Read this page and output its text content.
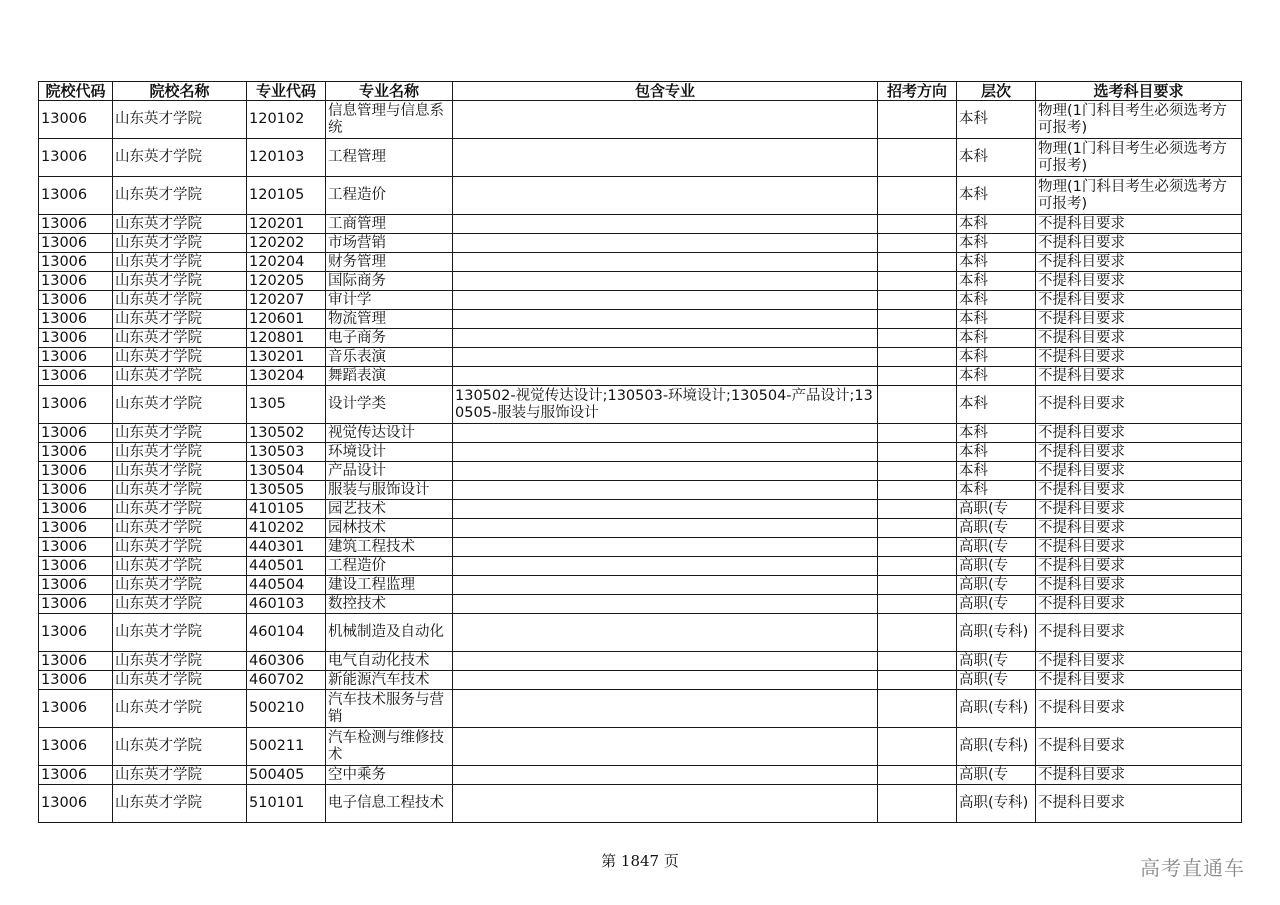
院校代码	院校名称	专业代码	专业名称	包含专业	招考方向	层次	选考科目要求
13006	山东英才学院	120102	信息管理与信息系统			本科	物理(1门科目考生必须选考方可报考)
13006	山东英才学院	120103	工程管理			本科	物理(1门科目考生必须选考方可报考)
13006	山东英才学院	120105	工程造价			本科	物理(1门科目考生必须选考方可报考)
13006	山东英才学院	120201	工商管理			本科	不提科目要求
13006	山东英才学院	120202	市场营销			本科	不提科目要求
13006	山东英才学院	120204	财务管理			本科	不提科目要求
13006	山东英才学院	120205	国际商务			本科	不提科目要求
13006	山东英才学院	120207	审计学			本科	不提科目要求
13006	山东英才学院	120601	物流管理			本科	不提科目要求
13006	山东英才学院	120801	电子商务			本科	不提科目要求
13006	山东英才学院	130201	音乐表演			本科	不提科目要求
13006	山东英才学院	130204	舞蹈表演			本科	不提科目要求
13006	山东英才学院	1305	设计学类	130502-视觉传达设计;130503-环境设计;130504-产品设计;130505-服装与服饰设计		本科	不提科目要求
13006	山东英才学院	130502	视觉传达设计			本科	不提科目要求
13006	山东英才学院	130503	环境设计			本科	不提科目要求
13006	山东英才学院	130504	产品设计			本科	不提科目要求
13006	山东英才学院	130505	服装与服饰设计			本科	不提科目要求
13006	山东英才学院	410105	园艺技术			高职(专	不提科目要求
13006	山东英才学院	410202	园林技术			高职(专	不提科目要求
13006	山东英才学院	440301	建筑工程技术			高职(专	不提科目要求
13006	山东英才学院	440501	工程造价			高职(专	不提科目要求
13006	山东英才学院	440504	建设工程监理			高职(专	不提科目要求
13006	山东英才学院	460103	数控技术			高职(专	不提科目要求
13006	山东英才学院	460104	机械制造及自动化			高职(专科)	不提科目要求
13006	山东英才学院	460306	电气自动化技术			高职(专	不提科目要求
13006	山东英才学院	460702	新能源汽车技术			高职(专	不提科目要求
13006	山东英才学院	500210	汽车技术服务与营销			高职(专科)	不提科目要求
13006	山东英才学院	500211	汽车检测与维修技术			高职(专科)	不提科目要求
13006	山东英才学院	500405	空中乘务			高职(专	不提科目要求
13006	山东英才学院	510101	电子信息工程技术			高职(专科)	不提科目要求
第 1847 页	高考直通车
